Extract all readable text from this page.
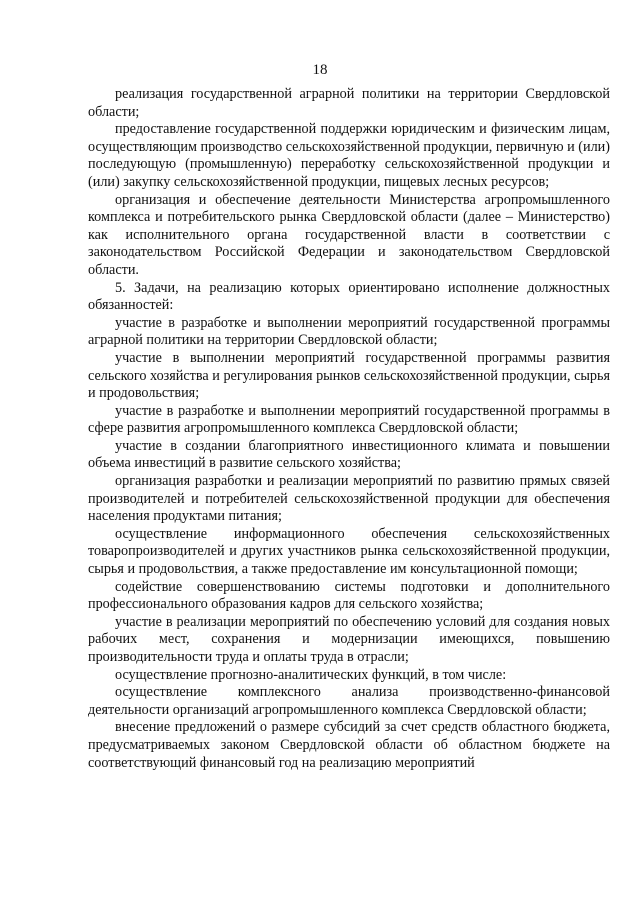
18

реализация государственной аграрной политики на территории Свердловской области;

предоставление государственной поддержки юридическим и физическим лицам, осуществляющим производство сельскохозяйственной продукции, первичную и (или) последующую (промышленную) переработку сельскохозяйственной продукции и (или) закупку сельскохозяйственной продукции, пищевых лесных ресурсов;

организация и обеспечение деятельности Министерства агропромышленного комплекса и потребительского рынка Свердловской области (далее – Министерство) как исполнительного органа государственной власти в соответствии с законодательством Российской Федерации и законодательством Свердловской области.

5. Задачи, на реализацию которых ориентировано исполнение должностных обязанностей:

участие в разработке и выполнении мероприятий государственной программы аграрной политики на территории Свердловской области;

участие в выполнении мероприятий государственной программы развития сельского хозяйства и регулирования рынков сельскохозяйственной продукции, сырья и продовольствия;

участие в разработке и выполнении мероприятий государственной программы в сфере развития агропромышленного комплекса Свердловской области;

участие в создании благоприятного инвестиционного климата и повышении объема инвестиций в развитие сельского хозяйства;

организация разработки и реализации мероприятий по развитию прямых связей производителей и потребителей сельскохозяйственной продукции для обеспечения населения продуктами питания;

осуществление информационного обеспечения сельскохозяйственных товаропроизводителей и других участников рынка сельскохозяйственной продукции, сырья и продовольствия, а также предоставление им консультационной помощи;

содействие совершенствованию системы подготовки и дополнительного профессионального образования кадров для сельского хозяйства;

участие в реализации мероприятий по обеспечению условий для создания новых рабочих мест, сохранения и модернизации имеющихся, повышению производительности труда и оплаты труда в отрасли;

осуществление прогнозно-аналитических функций, в том числе:

осуществление комплексного анализа производственно-финансовой деятельности организаций агропромышленного комплекса Свердловской области;

внесение предложений о размере субсидий за счет средств областного бюджета, предусматриваемых законом Свердловской области об областном бюджете на соответствующий финансовый год на реализацию мероприятий
